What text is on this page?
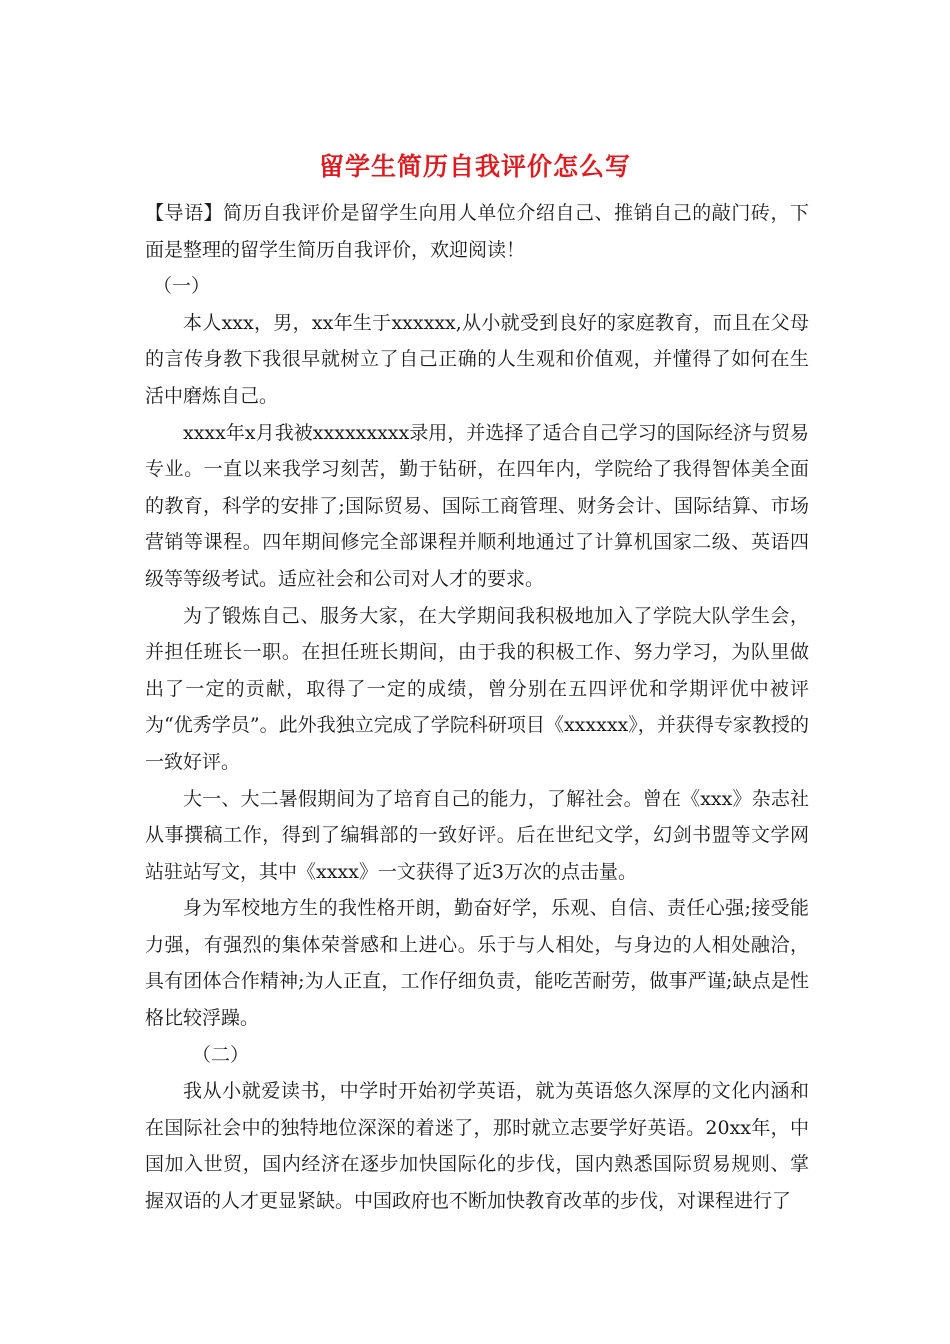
留学生简历自我评价怎么写

【导语】简历自我评价是留学生向用人单位介绍自己、推销自己的敲门砖，下面是整理的留学生简历自我评价，欢迎阅读！

（一）

本人xxx，男，xx年生于xxxxxx,从小就受到良好的家庭教育，而且在父母的言传身教下我很早就树立了自己正确的人生观和价值观，并懂得了如何在生活中磨炼自己。

xxxx年x月我被xxxxxxxxx录用，并选择了适合自己学习的国际经济与贸易专业。一直以来我学习刻苦，勤于钻研，在四年内，学院给了我得智体美全面的教育，科学的安排了;国际贸易、国际工商管理、财务会计、国际结算、市场营销等课程。四年期间修完全部课程并顺利地通过了计算机国家二级、英语四级等等级考试。适应社会和公司对人才的要求。

为了锻炼自己、服务大家，在大学期间我积极地加入了学院大队学生会，并担任班长一职。在担任班长期间，由于我的积极工作、努力学习，为队里做出了一定的贡献，取得了一定的成绩，曾分别在五四评优和学期评优中被评为“优秀学员”。此外我独立完成了学院科研项目《xxxxxx》，并获得专家教授的一致好评。

大一、大二暑假期间为了培育自己的能力，了解社会。曾在《xxx》杂志社从事撰稿工作，得到了编辑部的一致好评。后在世纪文学，幻剑书盟等文学网站驻站写文，其中《xxxx》一文获得了近3万次的点击量。

身为军校地方生的我性格开朗，勤奋好学，乐观、自信、责任心强;接受能力强，有强烈的集体荣誉感和上进心。乐于与人相处，与身边的人相处融洽，具有团体合作精神;为人正直，工作仔细负责，能吃苦耐劳，做事严谨;缺点是性格比较浮躁。

（二）

我从小就爱读书，中学时开始初学英语，就为英语悠久深厚的文化内涵和在国际社会中的独特地位深深的着迷了，那时就立志要学好英语。20xx年，中国加入世贸，国内经济在逐步加快国际化的步伐，国内熟悉国际贸易规则、掌握双语的人才更显紧缺。中国政府也不断加快教育改革的步伐，对课程进行了
